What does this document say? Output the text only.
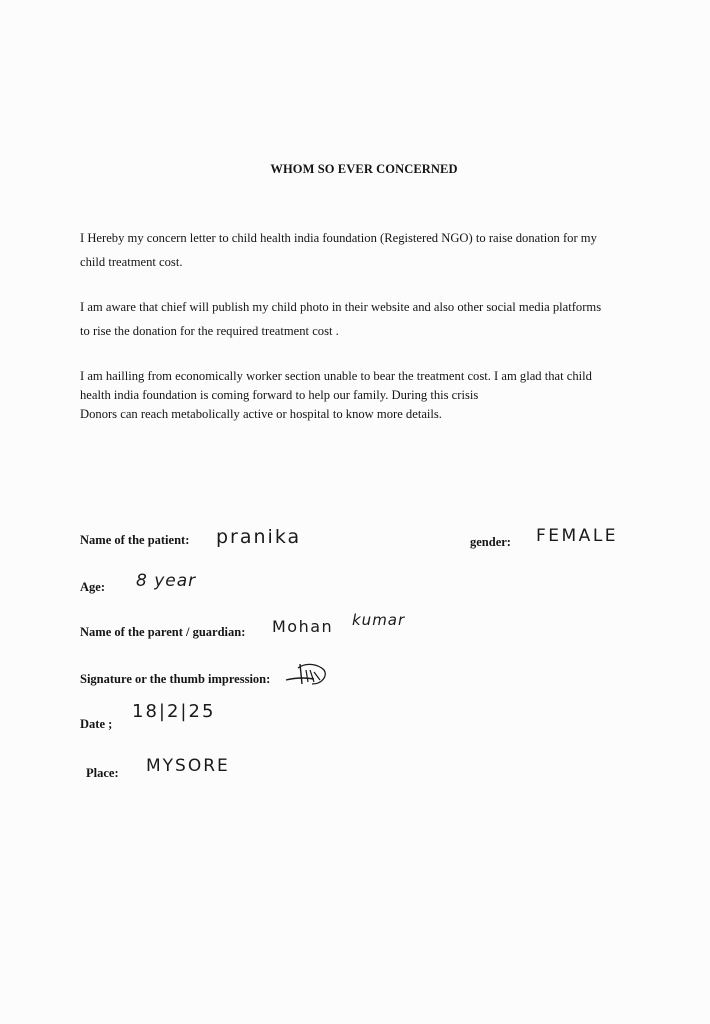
WHOM SO EVER CONCERNED
I Hereby my concern letter to child health india foundation (Registered NGO) to raise donation for my
child treatment cost.
I am aware that chief will publish my child photo in their website and also other social media platforms
to rise the donation for the required treatment cost .
I am hailling from economically worker section unable to bear the treatment cost. I am glad that child
health india foundation is coming forward to help our family. During this crisis
Donors can reach metabolically active or hospital to know more details.
Name of the patient: pranika	gender: FEMALE
Age: 8 year
Name of the parent / guardian: Mohan kumar
Signature or the thumb impression:
Date ;
18|2|25
Place: MYSORE
